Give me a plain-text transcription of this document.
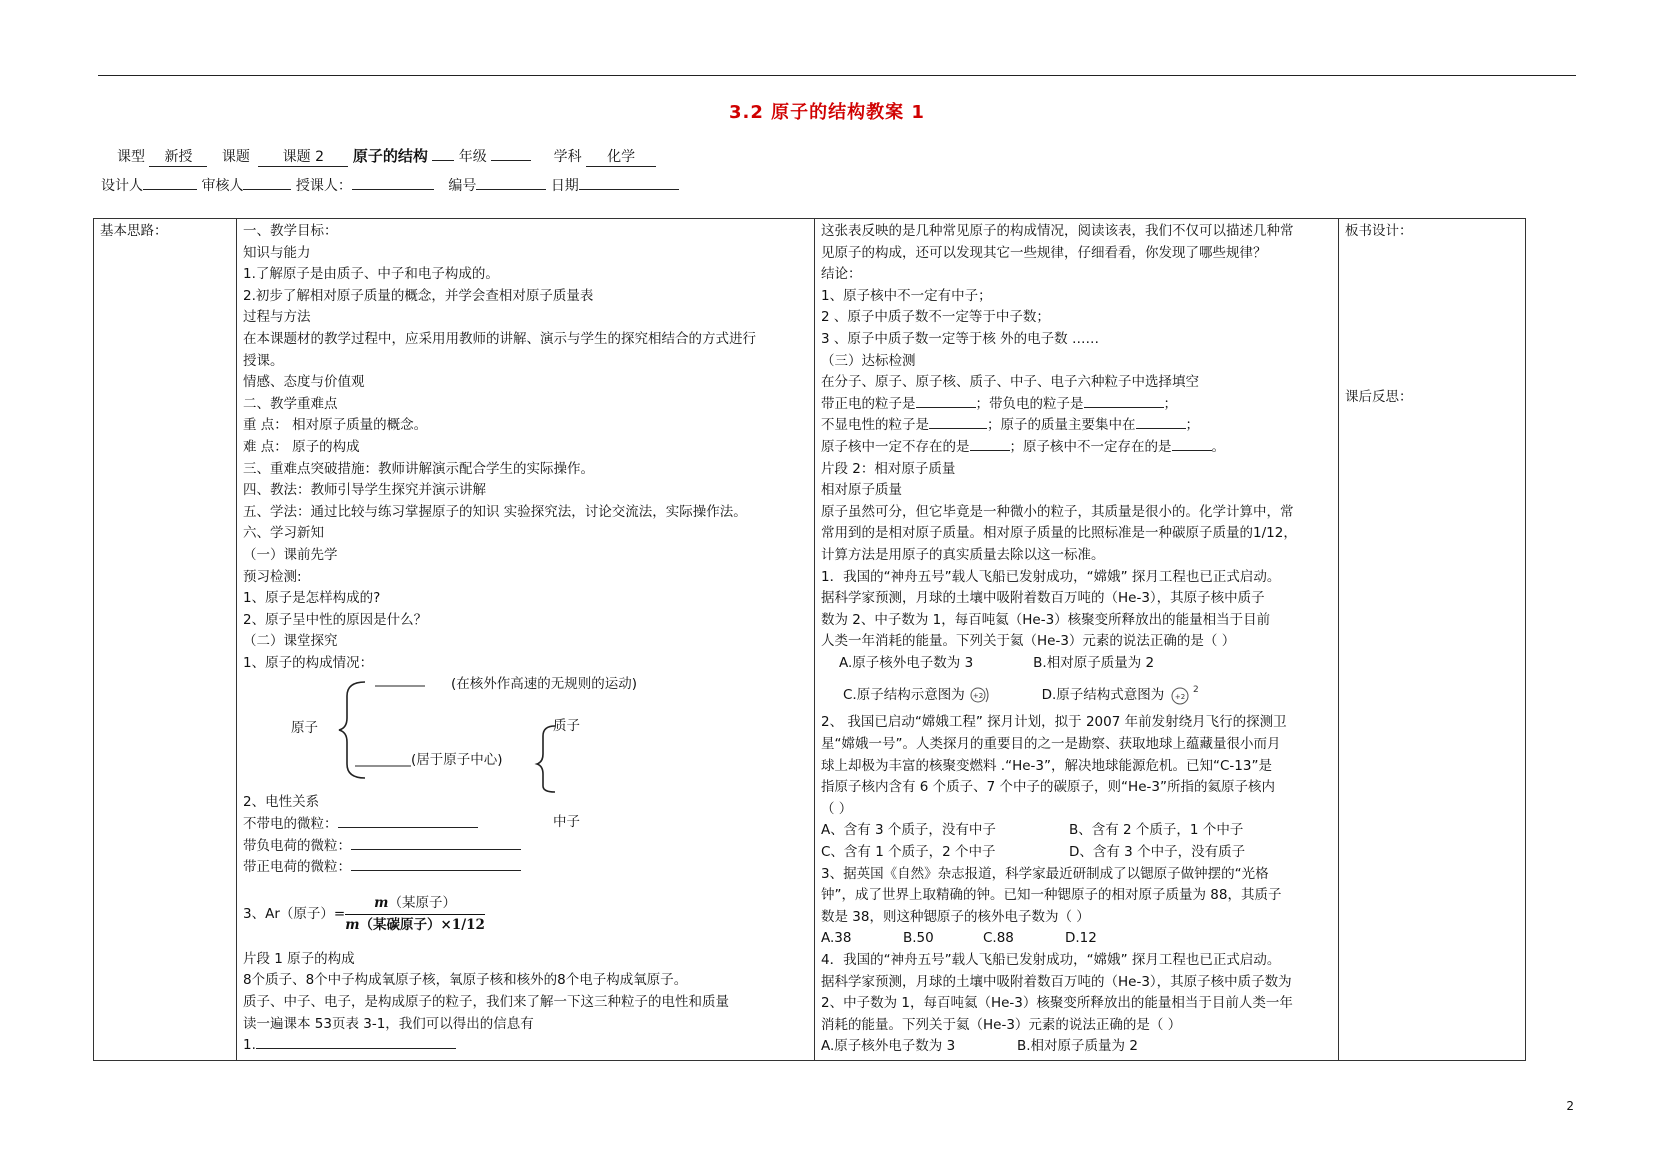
3.2 原子的结构教案 1
课型 新授 课题 课题 2 原子的结构 年级	学科 化学
设计人	审核人	授课人：	编号	日期
基本思路：	一、教学目标：
知识与能力
1.了解原子是由质子、中子和电子构成的。
2.初步了解相对原子质量的概念，并学会查相对原子质量表
过程与方法
在本课题材的教学过程中，应采用用教师的讲解、演示与学生的探究相结合的方式进行
授课。
情感、态度与价值观
二、教学重难点
重 点： 相对原子质量的概念。
难 点： 原子的构成
三、重难点突破措施：教师讲解演示配合学生的实际操作。
四、教法：教师引导学生探究并演示讲解
五、学法：通过比较与练习掌握原子的知识 实验探究法，讨论交流法，实际操作法。
六、学习新知
（一）课前先学
预习检测:
1、原子是怎样构成的?
2、原子呈中性的原因是什么？
（二）课堂探究
1、原子的构成情况：
(在核外作高速的无规则的运动)
原子	质子
(居于原子中心)
2、电性关系
中子
不带电的微粒：
带负电荷的微粒：
带正电荷的微粒：
3、Ar（原子）= $\frac{\text{m（某原子）}}{\text{m（某碳原子）×1/12}}$
片段 1 原子的构成
8个质子、8个中子构成氧原子核，氧原子核和核外的8个电子构成氧原子。
质子、中子、电子，是构成原子的粒子，我们来了解一下这三种粒子的电性和质量
读一遍课本 53页表 3-1，我们可以得出的信息有
1.

这张表反映的是几种常见原子的构成情况，阅读该表，我们不仅可以描述几种常
见原子的构成，还可以发现其它一些规律，仔细看看，你发现了哪些规律？
结论：
1、原子核中不一定有中子；
2 、原子中质子数不一定等于中子数；
3 、原子中质子数一定等于核 外的电子数 ……
（三）达标检测
在分子、原子、原子核、质子、中子、电子六种粒子中选择填空
带正电的粒子是	；带负电的粒子是	；
不显电性的粒子是	；原子的质量主要集中在	；
原子核中一定不存在的是	；原子核中不一定存在的是	。
片段 2：相对原子质量
相对原子质量
原子虽然可分，但它毕竟是一种微小的粒子，其质量是很小的。化学计算中，常
常用到的是相对原子质量。相对原子质量的比照标准是一种碳原子质量的1/12，
计算方法是用原子的真实质量去除以这一标准。
1．我国的“神舟五号”载人飞船已发射成功，“嫦娥” 探月工程也已正式启动。
据科学家预测，月球的土壤中吸附着数百万吨的（He-3），其原子核中质子
数为 2、中子数为 1，每百吨氦（He-3）核聚变所释放出的能量相当于目前
人类一年消耗的能量。下列关于氦（He-3）元素的说法正确的是（ ）
A.原子核外电子数为 3	B.相对原子质量为 2
C.原子结构示意图为 +2	D.原子结构式意图为 +2
2
2、 我国已启动“嫦娥工程” 探月计划，拟于 2007 年前发射绕月飞行的探测卫
星“嫦娥一号”。人类探月的重要目的之一是勘察、获取地球上蕴藏量很小而月
球上却极为丰富的核聚变燃料 .“He-3”，解决地球能源危机。已知“C-13”是
指原子核内含有 6 个质子、7 个中子的碳原子，则“He-3”所指的氦原子核内
（ ）
A、含有 3 个质子，没有中子	B、含有 2 个质子，1 个中子
C、含有 1 个质子，2 个中子	D、含有 3 个中子，没有质子
3、据英国《自然》杂志报道，科学家最近研制成了以锶原子做钟摆的“光格
钟”，成了世界上取精确的钟。已知一种锶原子的相对原子质量为 88，其质子
数是 38，则这种锶原子的核外电子数为（ ）
A.38	B.50	C.88	D.12
4．我国的“神舟五号”载人飞船已发射成功，“嫦娥” 探月工程也已正式启动。
据科学家预测，月球的土壤中吸附着数百万吨的（He-3），其原子核中质子数为
2、中子数为 1，每百吨氦（He-3）核聚变所释放出的能量相当于目前人类一年
消耗的能量。下列关于氦（He-3）元素的说法正确的是（ ）
A.原子核外电子数为 3	B.相对原子质量为 2

板书设计：
课后反思：
2
